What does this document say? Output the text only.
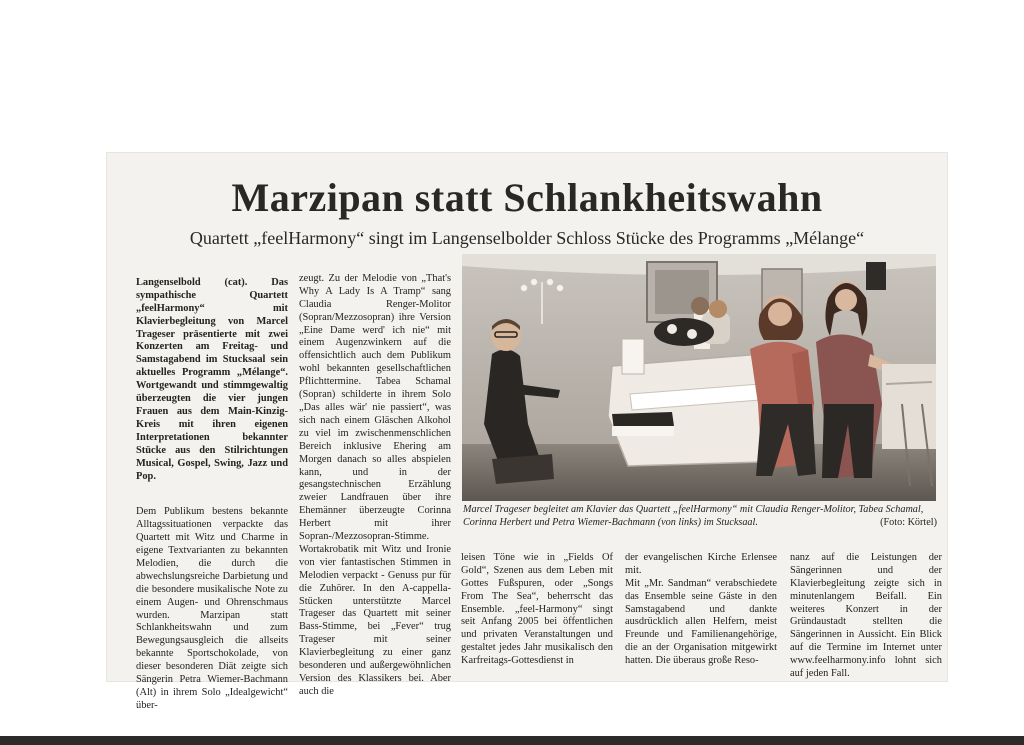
Marzipan statt Schlankheitswahn
Quartett „feelHarmony“ singt im Langenselbolder Schloss Stücke des Programms „Mélange“

Langenselbold (cat). Das sympathische Quartett „feelHarmony“ mit Klavierbegleitung von Marcel Trageser präsentierte mit zwei Konzerten am Freitag- und Samstagabend im Stucksaal sein aktuelles Programm „Mélange“. Wortgewandt und stimmgewaltig überzeugten die vier jungen Frauen aus dem Main-Kinzig-Kreis mit ihren eigenen Interpretationen bekannter Stücke aus den Stilrichtungen Musical, Gospel, Swing, Jazz und Pop.

Dem Publikum bestens bekannte Alltagssituationen verpackte das Quartett mit Witz und Charme in eigene Textvarianten zu bekannten Melodien, die durch die abwechslungsreiche Darbietung und die besondere musikalische Note zu einem Augen- und Ohrenschmaus wurden. Marzipan statt Schlankheitswahn und zum Bewegungsausgleich die allseits bekannte Sportschokolade, von dieser besonderen Diät zeigte sich Sängerin Petra Wiemer-Bachmann (Alt) in ihrem Solo „Idealgewicht“ über-

zeugt. Zu der Melodie von „That's Why A Lady Is A Tramp“ sang Claudia Renger-Molitor (Sopran/Mezzosopran) ihre Version „Eine Dame werd' ich nie“ mit einem Augenzwinkern auf die offensichtlich auch dem Publikum wohl bekannten gesellschaftlichen Pflichttermine. Tabea Schamal (Sopran) schilderte in ihrem Solo „Das alles wär' nie passiert“, was sich nach einem Gläschen Alkohol zu viel im zwischenmenschlichen Bereich inklusive Ehering am Morgen danach so alles abspielen kann, und in der gesangstechnischen Erzählung zweier Landfrauen über ihre Ehemänner überzeugte Corinna Herbert mit ihrer Sopran-/Mezzosopran-Stimme.
Wortakrobatik mit Witz und Ironie von vier fantastischen Stimmen in Melodien verpackt - Genuss pur für die Zuhörer. In den A-cappella-Stücken unterstützte Marcel Trageser das Quartett mit seiner Bass-Stimme, bei „Fever“ trug Trageser mit seiner Klavierbegleitung zu einer ganz besonderen und außergewöhnlichen Version des Klassikers bei. Aber auch die

Marcel Trageser begleitet am Klavier das Quartett „feelHarmony“ mit Claudia Renger-Molitor, Tabea Schamal, Corinna Herbert und Petra Wiemer-Bachmann (von links) im Stucksaal.	(Foto: Körtel)

leisen Töne wie in „Fields Of Gold“, Szenen aus dem Leben mit Gottes Fußspuren, oder „Songs From The Sea“, beherrscht das Ensemble. „feel-Harmony“ singt seit Anfang 2005 bei öffentlichen und privaten Veranstaltungen und gestaltet jedes Jahr musikalisch den Karfreitags-Gottesdienst in

der evangelischen Kirche Erlensee mit.
Mit „Mr. Sandman“ verabschiedete das Ensemble seine Gäste in den Samstagabend und dankte ausdrücklich allen Helfern, meist Freunde und Familienangehörige, die an der Organisation mitgewirkt hatten. Die überaus große Reso-

nanz auf die Leistungen der Sängerinnen und der Klavierbegleitung zeigte sich in minutenlangem Beifall. Ein weiteres Konzert in der Gründaustadt stellten die Sängerinnen in Aussicht. Ein Blick auf die Termine im Internet unter www.feelharmony.info lohnt sich auf jeden Fall.
